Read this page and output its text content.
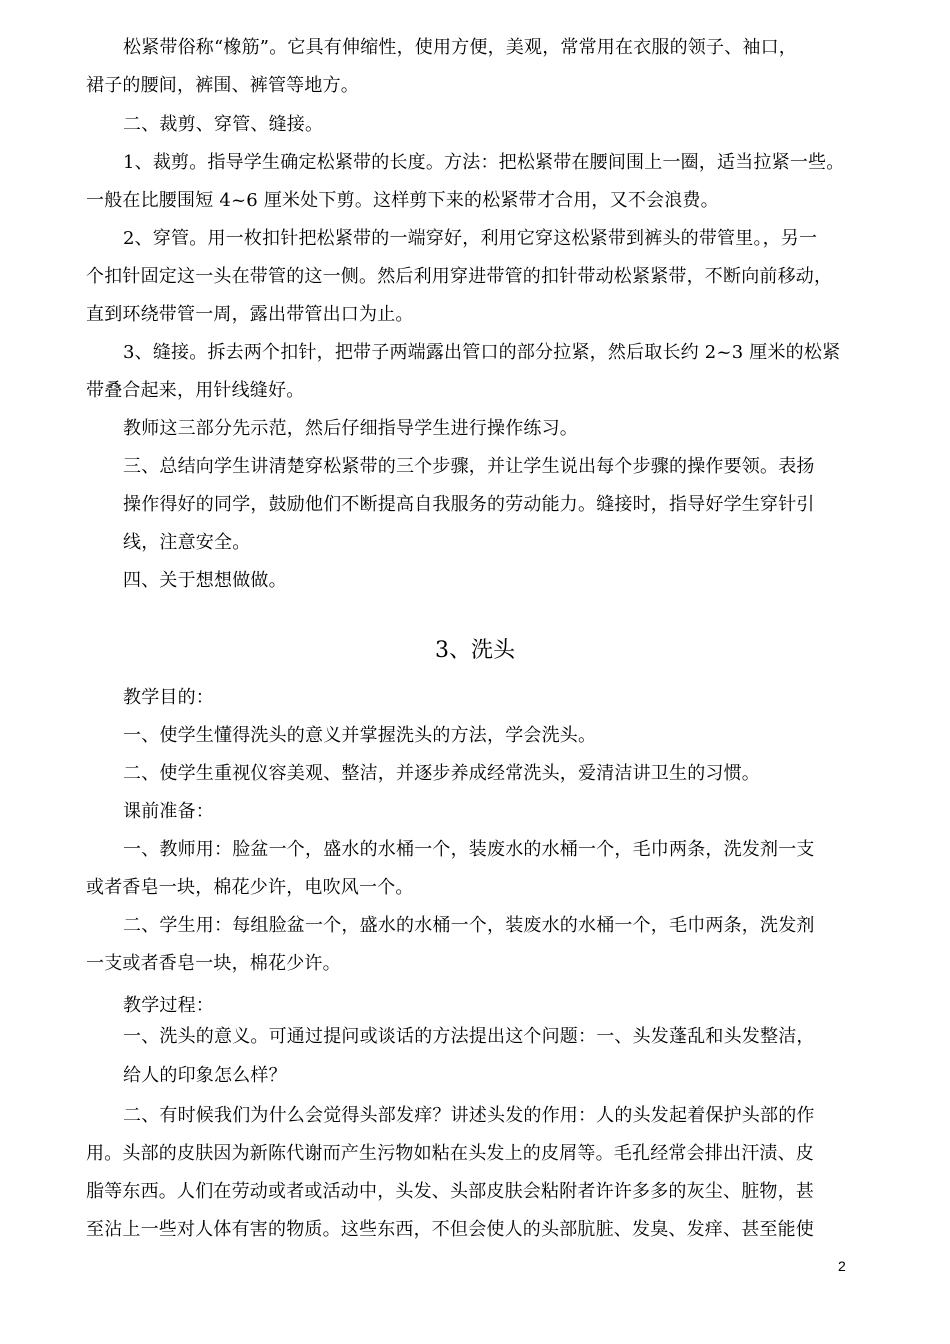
松紧带俗称“橡筋”。它具有伸缩性，使用方便，美观，常常用在衣服的领子、袖口，
裙子的腰间，裤围、裤管等地方。
二、裁剪、穿管、缝接。
1、裁剪。指导学生确定松紧带的长度。方法：把松紧带在腰间围上一圈，适当拉紧一些。
一般在比腰围短 4~6 厘米处下剪。这样剪下来的松紧带才合用，又不会浪费。
2、穿管。用一枚扣针把松紧带的一端穿好，利用它穿这松紧带到裤头的带管里。，另一
个扣针固定这一头在带管的这一侧。然后利用穿进带管的扣针带动松紧紧带，不断向前移动，
直到环绕带管一周，露出带管出口为止。
3、缝接。拆去两个扣针，把带子两端露出管口的部分拉紧，然后取长约 2~3 厘米的松紧
带叠合起来，用针线缝好。
教师这三部分先示范，然后仔细指导学生进行操作练习。
三、总结向学生讲清楚穿松紧带的三个步骤，并让学生说出每个步骤的操作要领。表扬
操作得好的同学，鼓励他们不断提高自我服务的劳动能力。缝接时，指导好学生穿针引
线，注意安全。
四、关于想想做做。
3、洗头
教学目的：
一、使学生懂得洗头的意义并掌握洗头的方法，学会洗头。
二、使学生重视仪容美观、整洁，并逐步养成经常洗头，爱清洁讲卫生的习惯。
课前准备：
一、教师用：脸盆一个，盛水的水桶一个，装废水的水桶一个，毛巾两条，洗发剂一支
或者香皂一块，棉花少许，电吹风一个。
二、学生用：每组脸盆一个，盛水的水桶一个，装废水的水桶一个，毛巾两条，洗发剂
一支或者香皂一块，棉花少许。
教学过程：
一、洗头的意义。可通过提问或谈话的方法提出这个问题：一、头发蓬乱和头发整洁，
给人的印象怎么样？
二、有时候我们为什么会觉得头部发痒？讲述头发的作用：人的头发起着保护头部的作
用。头部的皮肤因为新陈代谢而产生污物如粘在头发上的皮屑等。毛孔经常会排出汗渍、皮
脂等东西。人们在劳动或者或活动中，头发、头部皮肤会粘附者许许多多的灰尘、脏物，甚
至沾上一些对人体有害的物质。这些东西，不但会使人的头部肮脏、发臭、发痒、甚至能使
2
